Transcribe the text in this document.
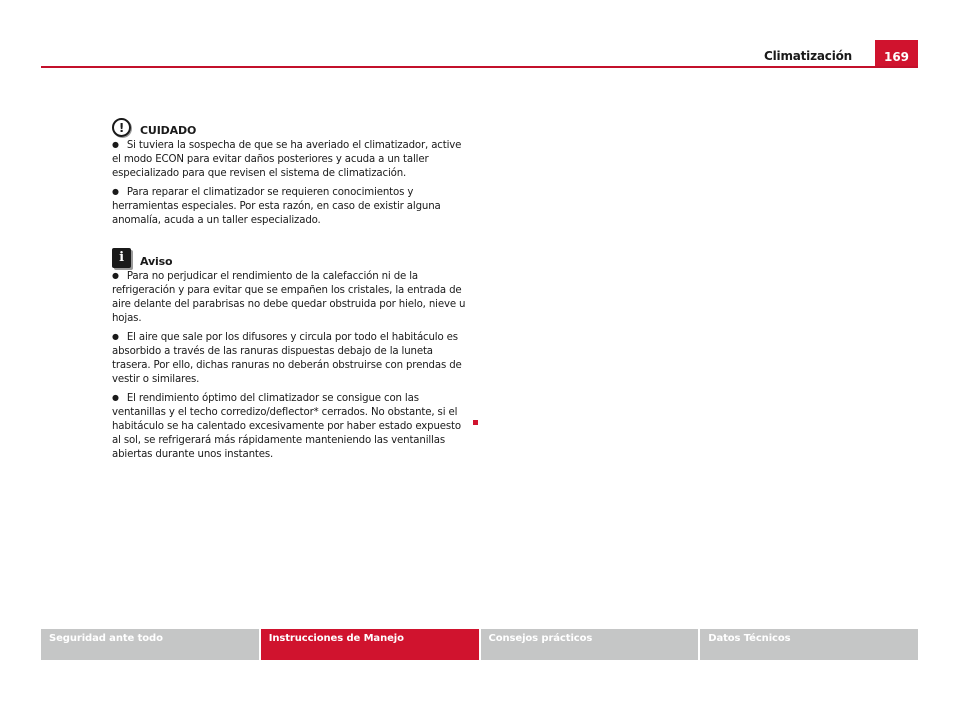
Climatización	169
!	CUIDADO

● Si tuviera la sospecha de que se ha averiado el climatizador, active el modo ECON para evitar daños posteriores y acuda a un taller especializado para que revisen el sistema de climatización.

● Para reparar el climatizador se requieren conocimientos y herramientas especiales. Por esta razón, en caso de existir alguna anomalía, acuda a un taller especializado.

i	Aviso

● Para no perjudicar el rendimiento de la calefacción ni de la refrigeración y para evitar que se empañen los cristales, la entrada de aire delante del parabrisas no debe quedar obstruida por hielo, nieve u hojas.

● El aire que sale por los difusores y circula por todo el habitáculo es absorbido a través de las ranuras dispuestas debajo de la luneta trasera. Por ello, dichas ranuras no deberán obstruirse con prendas de vestir o similares.

● El rendimiento óptimo del climatizador se consigue con las ventanillas y el techo corredizo/deflector* cerrados. No obstante, si el habitáculo se ha calentado excesivamente por haber estado expuesto al sol, se refrigerará más rápidamente manteniendo las ventanillas abiertas durante unos instantes.

Seguridad ante todo	Instrucciones de Manejo	Consejos prácticos	Datos Técnicos
